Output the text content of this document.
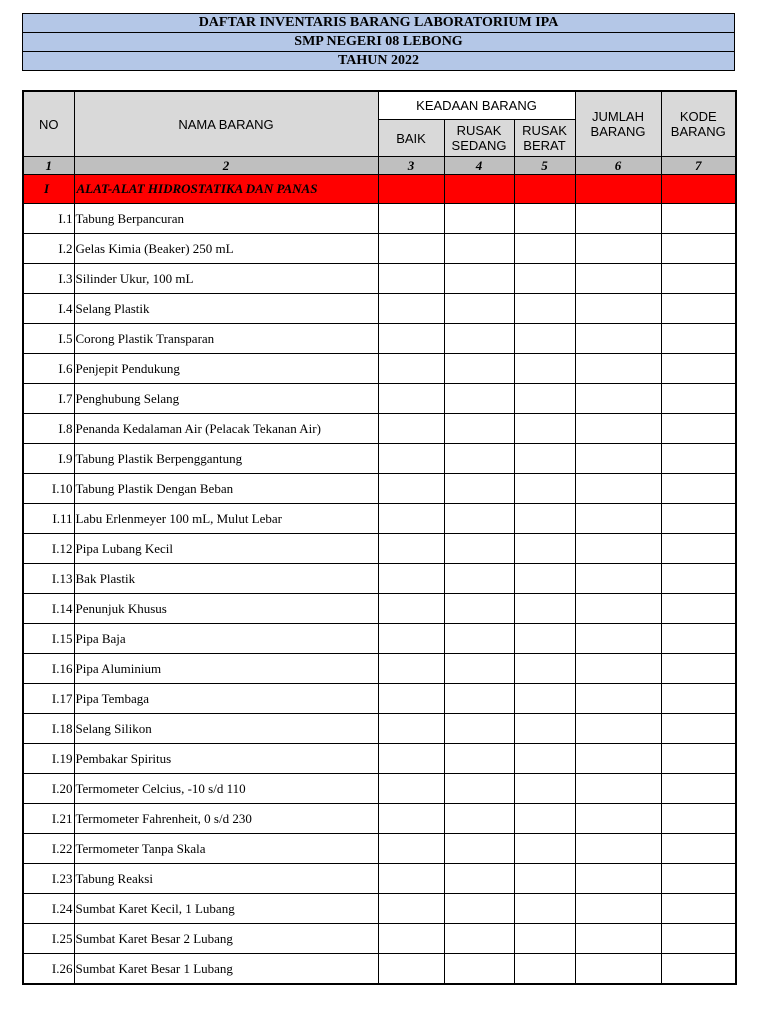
DAFTAR INVENTARIS BARANG LABORATORIUM IPA
SMP NEGERI 08 LEBONG
TAHUN 2022
NO	NAMA BARANG	KEADAAN BARANG			JUMLAH BARANG	KODE BARANG
		BAIK	RUSAK SEDANG	RUSAK BERAT		
1	2	3	4	5	6	7
I	ALAT-ALAT HIDROSTATIKA DAN PANAS					
I.1	Tabung Berpancuran					
I.2	Gelas Kimia (Beaker) 250 mL					
I.3	Silinder Ukur, 100 mL					
I.4	Selang Plastik					
I.5	Corong Plastik Transparan					
I.6	Penjepit Pendukung					
I.7	Penghubung Selang					
I.8	Penanda Kedalaman Air (Pelacak Tekanan Air)					
I.9	Tabung Plastik Berpenggantung					
I.10	Tabung Plastik Dengan Beban					
I.11	Labu Erlenmeyer 100 mL, Mulut Lebar					
I.12	Pipa Lubang Kecil					
I.13	Bak Plastik					
I.14	Penunjuk Khusus					
I.15	Pipa Baja					
I.16	Pipa Aluminium					
I.17	Pipa Tembaga					
I.18	Selang Silikon					
I.19	Pembakar Spiritus					
I.20	Termometer Celcius, -10 s/d 110					
I.21	Termometer Fahrenheit, 0 s/d 230					
I.22	Termometer Tanpa Skala					
I.23	Tabung Reaksi					
I.24	Sumbat Karet Kecil, 1 Lubang					
I.25	Sumbat Karet Besar 2 Lubang					
I.26	Sumbat Karet Besar 1 Lubang					
